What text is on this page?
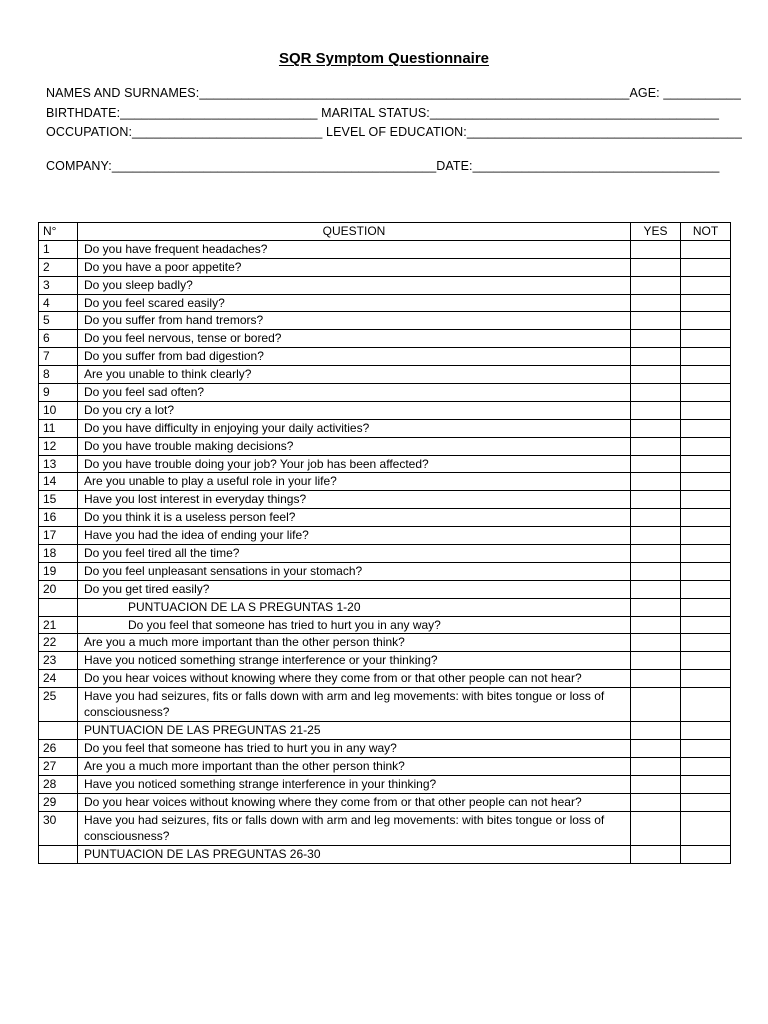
SQR Symptom Questionnaire
NAMES AND SURNAMES:_____________________________________________________________AGE: ___________
BIRTHDATE:____________________________ MARITAL STATUS:_________________________________________
OCCUPATION:___________________________ LEVEL OF EDUCATION:_______________________________________
COMPANY:______________________________________________DATE:___________________________________
N°	QUESTION	YES	NOT
1	Do you have frequent headaches?		
2	Do you have a poor appetite?		
3	Do you sleep badly?		
4	Do you feel scared easily?		
5	Do you suffer from hand tremors?		
6	Do you feel nervous, tense or bored?		
7	Do you suffer from bad digestion?		
8	Are you unable to think clearly?		
9	Do you feel sad often?		
10	Do you cry a lot?		
11	Do you have difficulty in enjoying your daily activities?		
12	Do you have trouble making decisions?		
13	Do you have trouble doing your job? Your job has been affected?		
14	Are you unable to play a useful role in your life?		
15	Have you lost interest in everyday things?		
16	Do you think it is a useless person feel?		
17	Have you had the idea of ending your life?		
18	Do you feel tired all the time?		
19	Do you feel unpleasant sensations in your stomach?		
20	Do you get tired easily?		
	PUNTUACION DE LA S PREGUNTAS 1-20		
21	Do you feel that someone has tried to hurt you in any way?		
22	Are you a much more important than the other person think?		
23	Have you noticed something strange interference or your thinking?		
24	Do you hear voices without knowing where they come from or that other people can not hear?		
25	Have you had seizures, fits or falls down with arm and leg movements: with bites tongue or loss of consciousness?		
	PUNTUACION DE LAS PREGUNTAS 21-25		
26	Do you feel that someone has tried to hurt you in any way?		
27	Are you a much more important than the other person think?		
28	Have you noticed something strange interference in your thinking?		
29	Do you hear voices without knowing where they come from or that other people can not hear?		
30	Have you had seizures, fits or falls down with arm and leg movements: with bites tongue or loss of consciousness?		
	PUNTUACION DE LAS PREGUNTAS 26-30		
